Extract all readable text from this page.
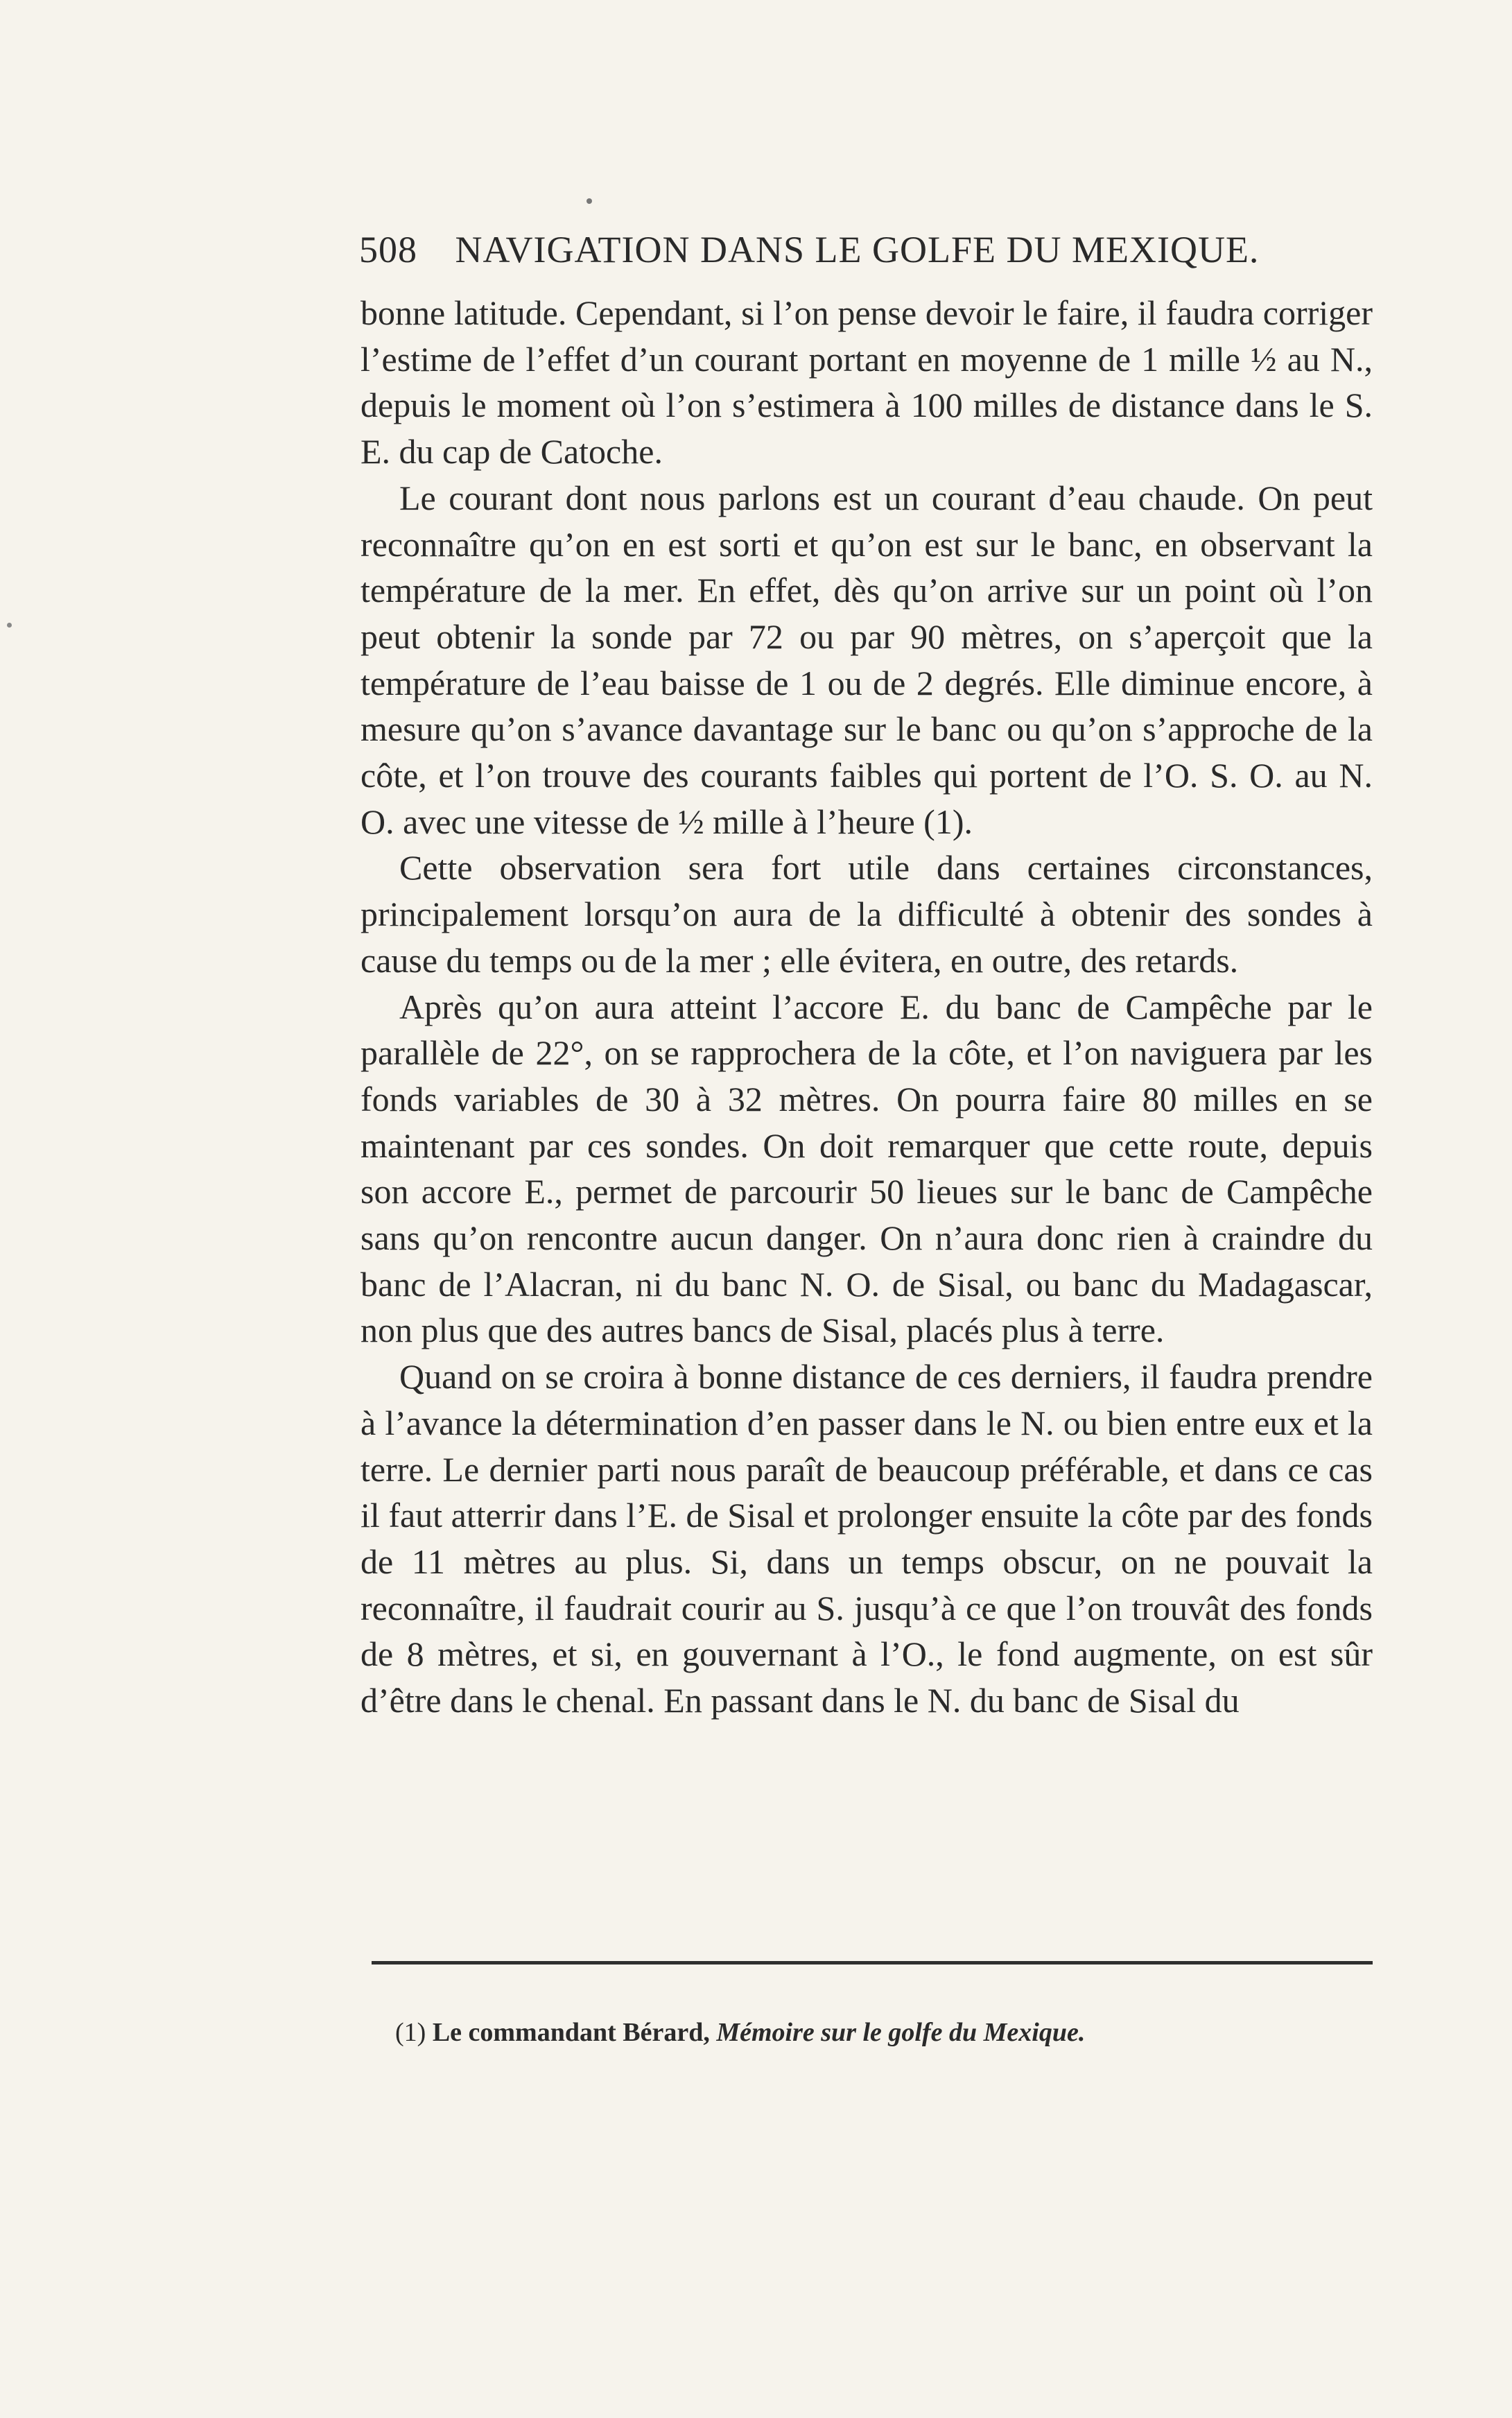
508 NAVIGATION DANS LE GOLFE DU MEXIQUE.

bonne latitude. Cependant, si l’on pense devoir le faire, il faudra corriger l’estime de l’effet d’un courant portant en moyenne de 1 mille ½ au N., depuis le moment où l’on s’estimera à 100 milles de distance dans le S. E. du cap de Catoche.

Le courant dont nous parlons est un courant d’eau chaude. On peut reconnaître qu’on en est sorti et qu’on est sur le banc, en observant la température de la mer. En effet, dès qu’on arrive sur un point où l’on peut obtenir la sonde par 72 ou par 90 mètres, on s’aperçoit que la température de l’eau baisse de 1 ou de 2 degrés. Elle diminue encore, à mesure qu’on s’avance davantage sur le banc ou qu’on s’approche de la côte, et l’on trouve des courants faibles qui portent de l’O. S. O. au N. O. avec une vitesse de ½ mille à l’heure (1).

Cette observation sera fort utile dans certaines circonstances, principalement lorsqu’on aura de la difficulté à obtenir des sondes à cause du temps ou de la mer ; elle évitera, en outre, des retards.

Après qu’on aura atteint l’accore E. du banc de Campêche par le parallèle de 22°, on se rapprochera de la côte, et l’on naviguera par les fonds variables de 30 à 32 mètres. On pourra faire 80 milles en se maintenant par ces sondes. On doit remarquer que cette route, depuis son accore E., permet de parcourir 50 lieues sur le banc de Campêche sans qu’on rencontre aucun danger. On n’aura donc rien à craindre du banc de l’Alacran, ni du banc N. O. de Sisal, ou banc du Madagascar, non plus que des autres bancs de Sisal, placés plus à terre.

Quand on se croira à bonne distance de ces derniers, il faudra prendre à l’avance la détermination d’en passer dans le N. ou bien entre eux et la terre. Le dernier parti nous paraît de beaucoup préférable, et dans ce cas il faut atterrir dans l’E. de Sisal et prolonger ensuite la côte par des fonds de 11 mètres au plus. Si, dans un temps obscur, on ne pouvait la reconnaître, il faudrait courir au S. jusqu’à ce que l’on trouvât des fonds de 8 mètres, et si, en gouvernant à l’O., le fond augmente, on est sûr d’être dans le chenal. En passant dans le N. du banc de Sisal du

(1) Le commandant Bérard, Mémoire sur le golfe du Mexique.
